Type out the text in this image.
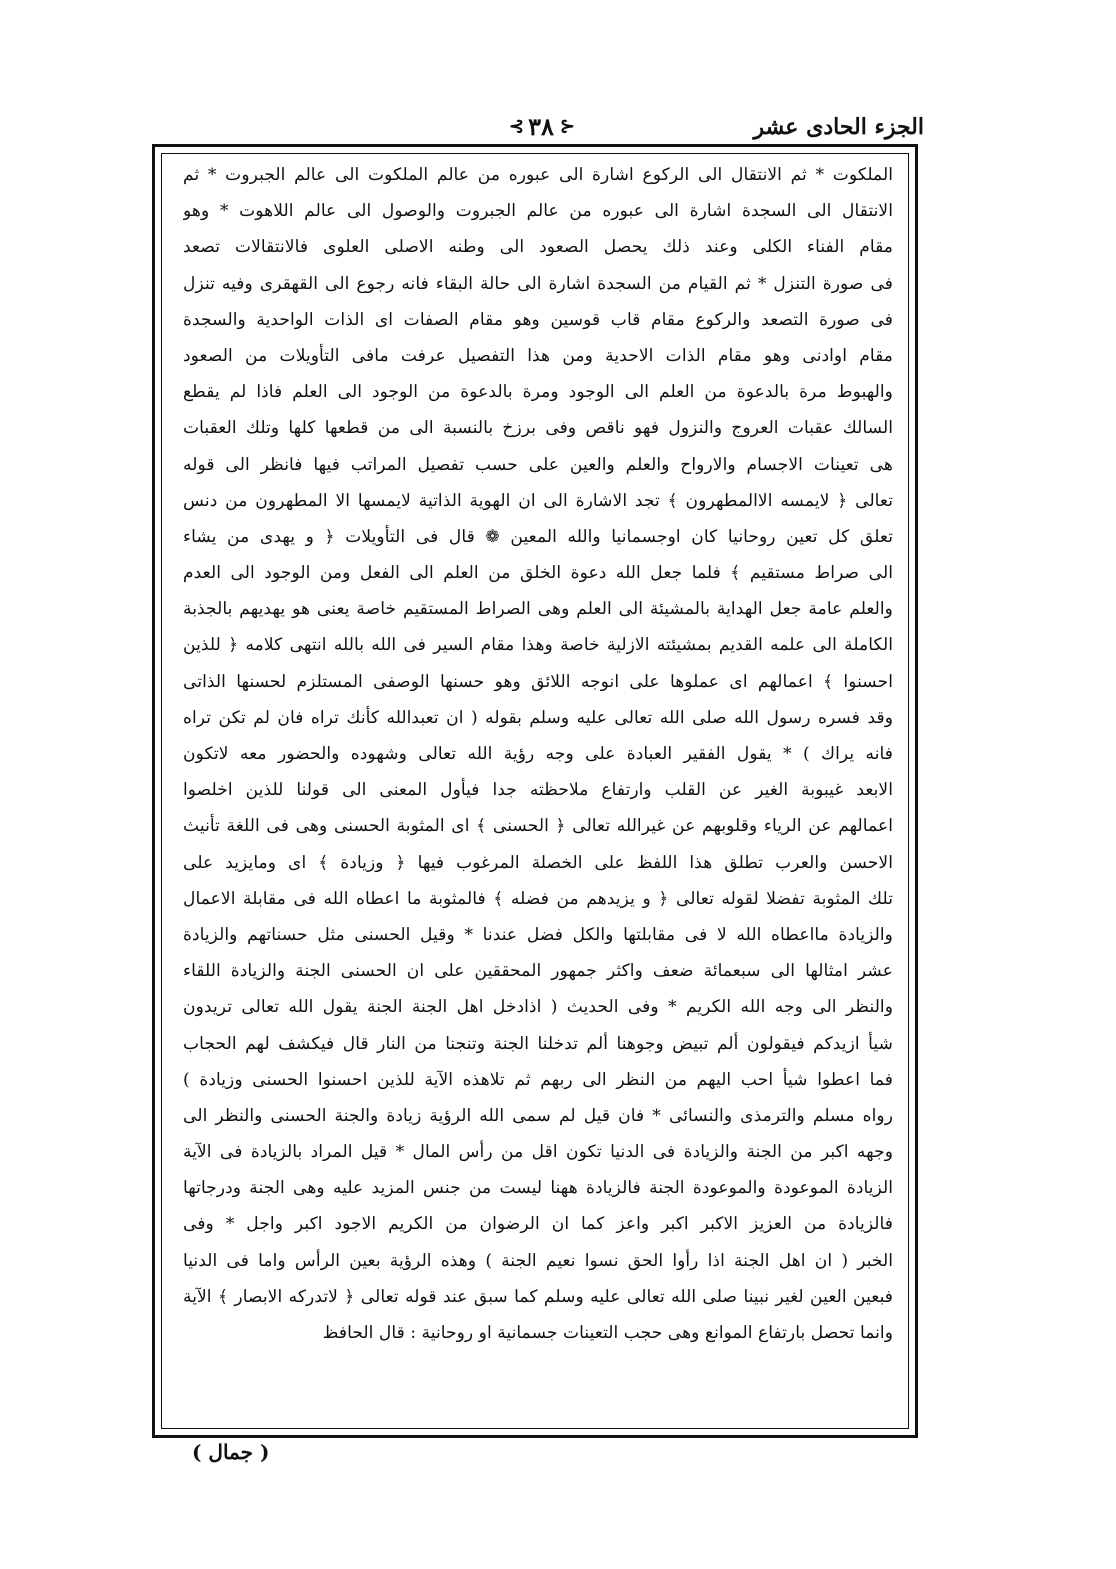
الجزء الحادى عشر
⊰ ٣٨ ⊱
الملكوت * ثم الانتقال الى الركوع اشارة الى عبوره من عالم الملكوت الى عالم الجبروت * ثم
الانتقال الى السجدة اشارة الى عبوره من عالم الجبروت والوصول الى عالم اللاهوت * وهو
مقام الفناء الكلى وعند ذلك يحصل الصعود الى وطنه الاصلى العلوى فالانتقالات تصعد
فى صورة التنزل * ثم القيام من السجدة اشارة الى حالة البقاء فانه رجوع الى القهقرى وفيه تنزل
فى صورة التصعد والركوع مقام قاب قوسين وهو مقام الصفات اى الذات الواحدية والسجدة
مقام اوادنى وهو مقام الذات الاحدية ومن هذا التفصيل عرفت مافى التأويلات من الصعود
والهبوط مرة بالدعوة من العلم الى الوجود ومرة بالدعوة من الوجود الى العلم فاذا لم يقطع
السالك عقبات العروج والنزول فهو ناقص وفى برزخ بالنسبة الى من قطعها كلها وتلك العقبات
هى تعينات الاجسام والارواح والعلم والعين على حسب تفصيل المراتب فيها فانظر الى قوله
تعالى ﴿ لايمسه الاالمطهرون ﴾ تجد الاشارة الى ان الهوية الذاتية لايمسها الا المطهرون من دنس
تعلق كل تعين روحانيا كان اوجسمانيا والله المعين ❁ قال فى التأويلات ﴿ و يهدى من يشاء
الى صراط مستقيم ﴾ فلما جعل الله دعوة الخلق من العلم الى الفعل ومن الوجود الى العدم
والعلم عامة جعل الهداية بالمشيئة الى العلم وهى الصراط المستقيم خاصة يعنى هو يهديهم بالجذبة
الكاملة الى علمه القديم بمشيئته الازلية خاصة وهذا مقام السير فى الله بالله انتهى كلامه ﴿ للذين
احسنوا ﴾ اعمالهم اى عملوها على انوجه اللائق وهو حسنها الوصفى المستلزم لحسنها الذاتى
وقد فسره رسول الله صلى الله تعالى عليه وسلم بقوله ( ان تعبدالله كأنك تراه فان لم تكن تراه
فانه يراك ) * يقول الفقير العبادة على وجه رؤية الله تعالى وشهوده والحضور معه لاتكون
الابعد غيبوبة الغير عن القلب وارتفاع ملاحظته جدا فيأول المعنى الى قولنا للذين اخلصوا
اعمالهم عن الرياء وقلوبهم عن غيرالله تعالى ﴿ الحسنى ﴾ اى المثوبة الحسنى وهى فى اللغة تأنيث
الاحسن والعرب تطلق هذا اللفظ على الخصلة المرغوب فيها ﴿ وزيادة ﴾ اى ومايزيد على
تلك المثوبة تفضلا لقوله تعالى ﴿ و يزيدهم من فضله ﴾ فالمثوبة ما اعطاه الله فى مقابلة الاعمال
والزيادة مااعطاه الله لا فى مقابلتها والكل فضل عندنا * وقيل الحسنى مثل حسناتهم والزيادة
عشر امثالها الى سبعمائة ضعف واكثر جمهور المحققين على ان الحسنى الجنة والزيادة اللقاء
والنظر الى وجه الله الكريم * وفى الحديث ( اذادخل اهل الجنة الجنة يقول الله تعالى تريدون
شيأ ازيدكم فيقولون ألم تبيض وجوهنا ألم تدخلنا الجنة وتنجنا من النار قال فيكشف لهم الحجاب
فما اعطوا شيأ احب اليهم من النظر الى ربهم ثم تلاهذه الآية للذين احسنوا الحسنى وزيادة )
رواه مسلم والترمذى والنسائى * فان قيل لم سمى الله الرؤية زيادة والجنة الحسنى والنظر الى
وجهه اكبر من الجنة والزيادة فى الدنيا تكون اقل من رأس المال * قيل المراد بالزيادة فى الآية
الزيادة الموعودة والموعودة الجنة فالزيادة ههنا ليست من جنس المزيد عليه وهى الجنة ودرجاتها
فالزيادة من العزيز الاكبر اكبر واعز كما ان الرضوان من الكريم الاجود اكبر واجل * وفى
الخبر ( ان اهل الجنة اذا رأوا الحق نسوا نعيم الجنة ) وهذه الرؤية بعين الرأس واما فى الدنيا
فبعين العين لغير نبينا صلى الله تعالى عليه وسلم كما سبق عند قوله تعالى ﴿ لاتدركه الابصار ﴾ الآية
وانما تحصل بارتفاع الموانع وهى حجب التعينات جسمانية او روحانية : قال الحافظ
( جمال )
